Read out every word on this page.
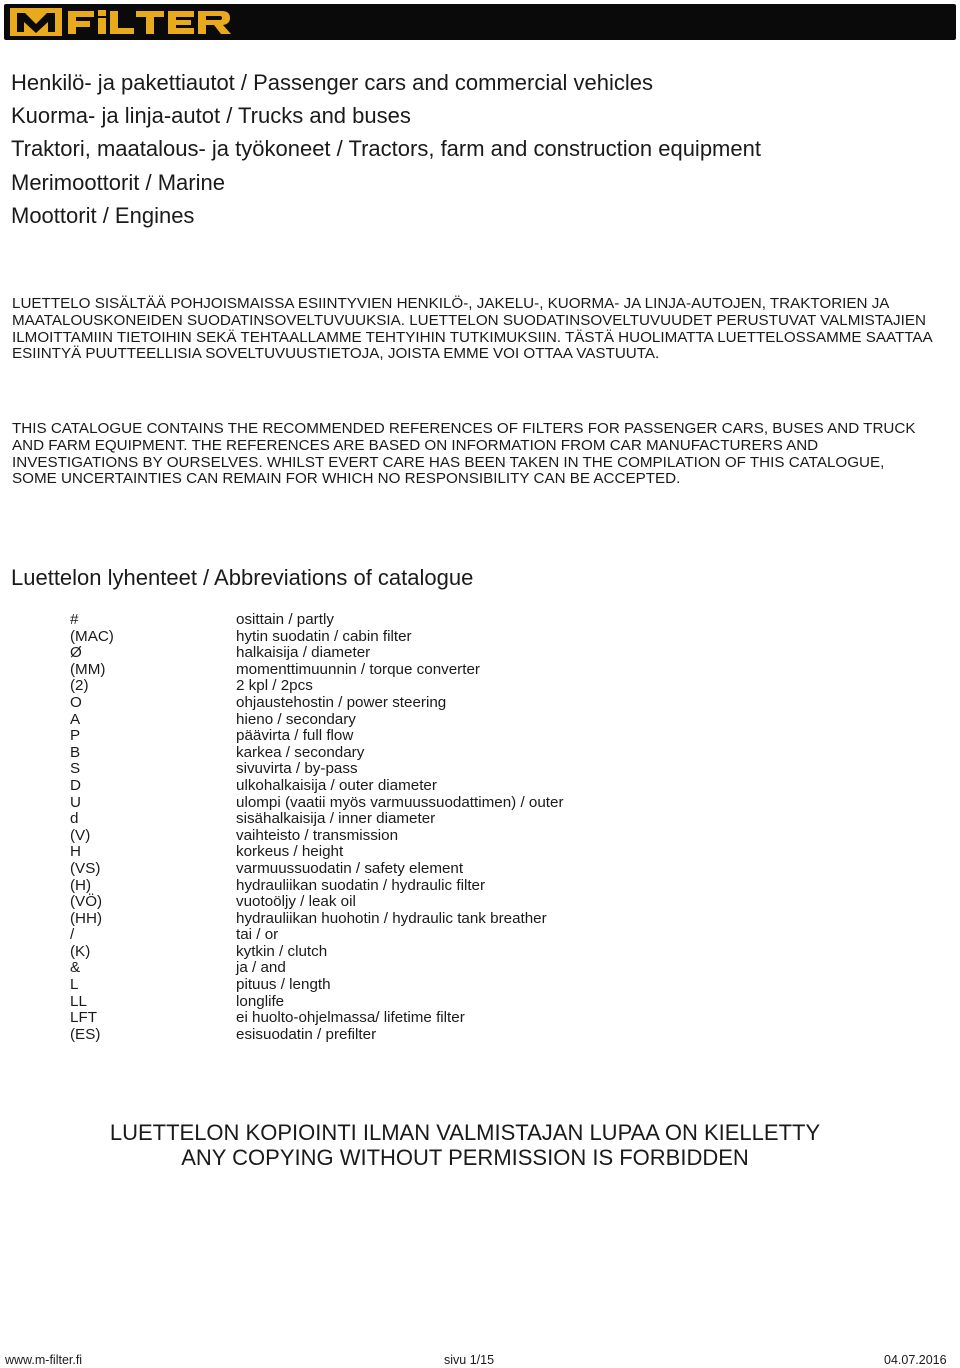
Henkilö- ja pakettiautot / Passenger cars and commercial vehicles
Kuorma- ja linja-autot / Trucks and buses
Traktori, maatalous- ja työkoneet / Tractors, farm and construction equipment
Merimoottorit / Marine
Moottorit / Engines
LUETTELO SISÄLTÄÄ POHJOISMAISSA ESIINTYVIEN HENKILÖ-, JAKELU-, KUORMA- JA LINJA-AUTOJEN, TRAKTORIEN JA MAATALOUSKONEIDEN SUODATINSOVELTUVUUKSIA. LUETTELON SUODATINSOVELTUVUUDET PERUSTUVAT VALMISTAJIEN ILMOITTAMIIN TIETOIHIN SEKÄ TEHTAALLAMME TEHTYIHIN TUTKIMUKSIIN. TÄSTÄ HUOLIMATTA LUETTELOSSAMME SAATTAA ESIINTYÄ PUUTTEELLISIA SOVELTUVUUSTIETOJA, JOISTA EMME VOI OTTAA VASTUUTA.
THIS CATALOGUE CONTAINS THE RECOMMENDED REFERENCES OF FILTERS FOR PASSENGER CARS, BUSES AND TRUCK AND FARM EQUIPMENT. THE REFERENCES ARE BASED ON INFORMATION FROM CAR MANUFACTURERS AND INVESTIGATIONS BY OURSELVES. WHILST EVERT CARE HAS BEEN TAKEN IN THE COMPILATION OF THIS CATALOGUE, SOME UNCERTAINTIES CAN REMAIN FOR WHICH NO RESPONSIBILITY CAN BE ACCEPTED.
Luettelon lyhenteet / Abbreviations of catalogue
#	osittain / partly
(MAC)	hytin suodatin / cabin filter
Ø	halkaisija / diameter
(MM)	momenttimuunnin / torque converter
(2)	2 kpl / 2pcs
O	ohjaustehostin / power steering
A	hieno / secondary
P	päävirta / full flow
B	karkea / secondary
S	sivuvirta / by-pass
D	ulkohalkaisija / outer diameter
U	ulompi (vaatii myös varmuussuodattimen) / outer
d	sisähalkaisija / inner diameter
(V)	vaihteisto / transmission
H	korkeus / height
(VS)	varmuussuodatin / safety element
(H)	hydrauliikan suodatin / hydraulic filter
(VÖ)	vuotoöljy / leak oil
(HH)	hydrauliikan huohotin / hydraulic tank breather
/	tai / or
(K)	kytkin / clutch
&	ja / and
L	pituus / length
LL	longlife
LFT	ei huolto-ohjelmassa/ lifetime filter
(ES)	esisuodatin / prefilter
LUETTELON KOPIOINTI ILMAN VALMISTAJAN LUPAA ON KIELLETTY
ANY COPYING WITHOUT PERMISSION IS FORBIDDEN
www.m-filter.fi	sivu 1/15	04.07.2016
